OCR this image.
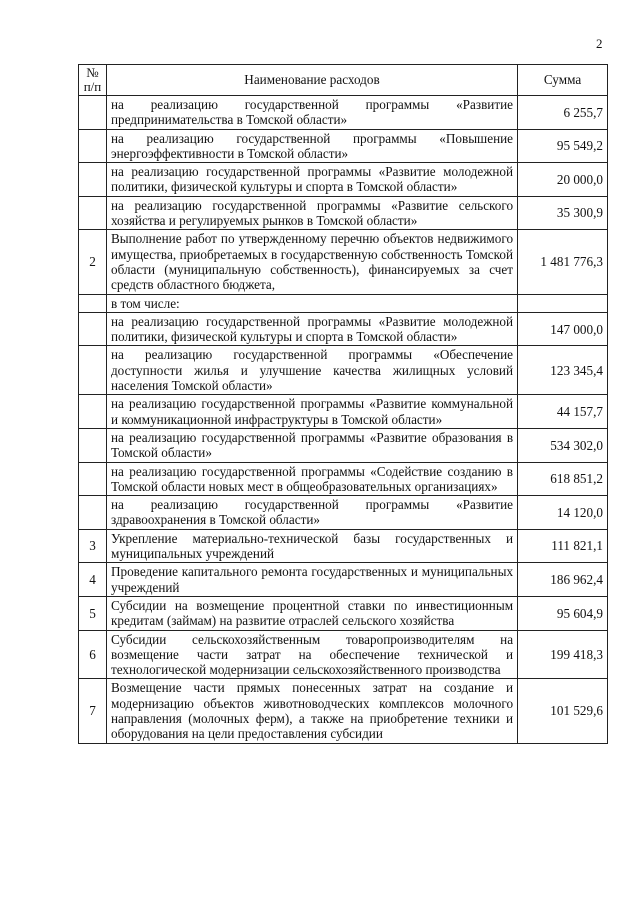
2
№
п/п	Наименование расходов	Сумма
	на реализацию государственной программы «Развитие предпринимательства в Томской области»	6 255,7
	на реализацию государственной программы «Повышение энергоэффективности в Томской области»	95 549,2
	на реализацию государственной программы «Развитие молодежной политики, физической культуры и спорта в Томской области»	20 000,0
	на реализацию государственной программы «Развитие сельского хозяйства и регулируемых рынков в Томской области»	35 300,9
2	Выполнение работ по утвержденному перечню объектов недвижимого имущества, приобретаемых в государственную собственность Томской области (муниципальную собственность), финансируемых за счет средств областного бюджета,	1 481 776,3
	в том числе:	
	на реализацию государственной программы «Развитие молодежной политики, физической культуры и спорта в Томской области»	147 000,0
	на реализацию государственной программы «Обеспечение доступности жилья и улучшение качества жилищных условий населения Томской области»	123 345,4
	на реализацию государственной программы «Развитие коммунальной и коммуникационной инфраструктуры в Томской области»	44 157,7
	на реализацию государственной программы «Развитие образования в Томской области»	534 302,0
	на реализацию государственной программы «Содействие созданию в Томской области новых мест в общеобразовательных организациях»	618 851,2
	на реализацию государственной программы «Развитие здравоохранения в Томской области»	14 120,0
3	Укрепление материально-технической базы государственных и муниципальных учреждений	111 821,1
4	Проведение капитального ремонта государственных и муниципальных учреждений	186 962,4
5	Субсидии на возмещение процентной ставки по инвестиционным кредитам (займам) на развитие отраслей сельского хозяйства	95 604,9
6	Субсидии сельскохозяйственным товаропроизводителям на возмещение части затрат на обеспечение технической и технологической модернизации сельскохозяйственного производства	199 418,3
7	Возмещение части прямых понесенных затрат на создание и модернизацию объектов животноводческих комплексов молочного направления (молочных ферм), а также на приобретение техники и оборудования на цели предоставления субсидии	101 529,6
